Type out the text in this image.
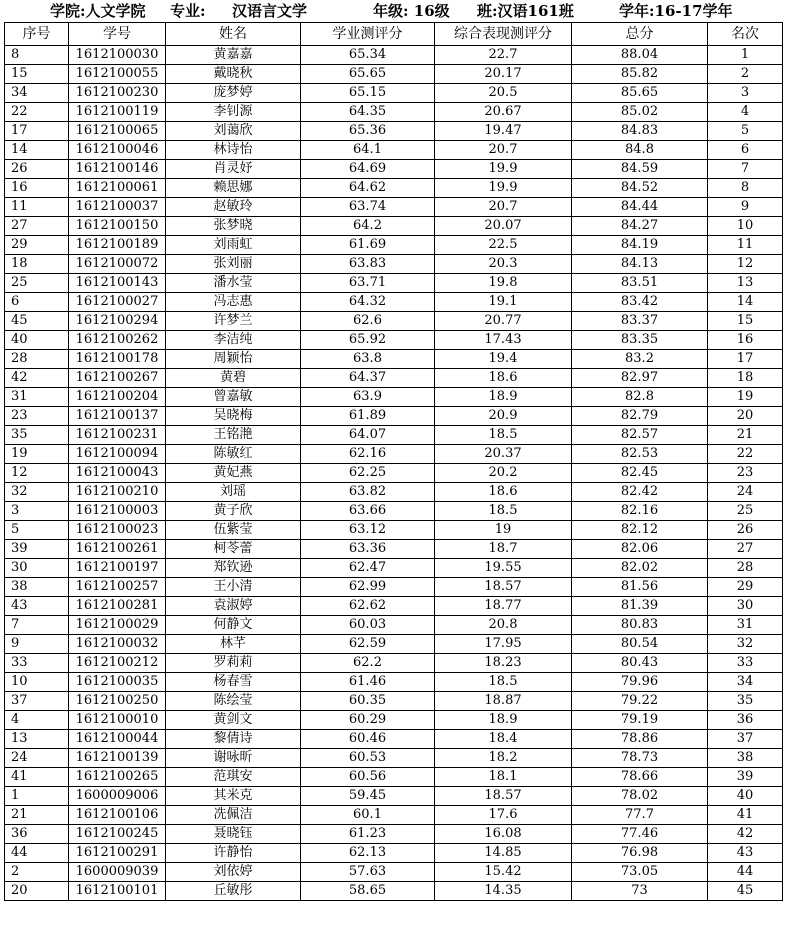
学院:人文学院 专业: 汉语言文学	年级: 16级 班:汉语161班	学年:16-17学年
序号	学号	姓名	学业测评分	综合表现测评分	总分	名次
8	1612100030	黄嘉嘉	65.34	22.7	88.04	1
15	1612100055	戴晓秋	65.65	20.17	85.82	2
34	1612100230	庞梦婷	65.15	20.5	85.65	3
22	1612100119	李钊源	64.35	20.67	85.02	4
17	1612100065	刘蔼欣	65.36	19.47	84.83	5
14	1612100046	林诗怡	64.1	20.7	84.8	6
26	1612100146	肖灵妤	64.69	19.9	84.59	7
16	1612100061	赖思娜	64.62	19.9	84.52	8
11	1612100037	赵敏玲	63.74	20.7	84.44	9
27	1612100150	张梦晓	64.2	20.07	84.27	10
29	1612100189	刘雨虹	61.69	22.5	84.19	11
18	1612100072	张刘丽	63.83	20.3	84.13	12
25	1612100143	潘水莹	63.71	19.8	83.51	13
6	1612100027	冯志惠	64.32	19.1	83.42	14
45	1612100294	许梦兰	62.6	20.77	83.37	15
40	1612100262	李洁纯	65.92	17.43	83.35	16
28	1612100178	周颖怡	63.8	19.4	83.2	17
42	1612100267	黄碧	64.37	18.6	82.97	18
31	1612100204	曾嘉敏	63.9	18.9	82.8	19
23	1612100137	吴晓梅	61.89	20.9	82.79	20
35	1612100231	王铭滟	64.07	18.5	82.57	21
19	1612100094	陈敏红	62.16	20.37	82.53	22
12	1612100043	黄妃燕	62.25	20.2	82.45	23
32	1612100210	刘瑶	63.82	18.6	82.42	24
3	1612100003	黄子欣	63.66	18.5	82.16	25
5	1612100023	伍紫莹	63.12	19	82.12	26
39	1612100261	柯苓蕾	63.36	18.7	82.06	27
30	1612100197	郑钦逊	62.47	19.55	82.02	28
38	1612100257	王小清	62.99	18.57	81.56	29
43	1612100281	袁淑婷	62.62	18.77	81.39	30
7	1612100029	何静文	60.03	20.8	80.83	31
9	1612100032	林芊	62.59	17.95	80.54	32
33	1612100212	罗莉莉	62.2	18.23	80.43	33
10	1612100035	杨春雪	61.46	18.5	79.96	34
37	1612100250	陈绘莹	60.35	18.87	79.22	35
4	1612100010	黄剑文	60.29	18.9	79.19	36
13	1612100044	黎倩诗	60.46	18.4	78.86	37
24	1612100139	谢咏昕	60.53	18.2	78.73	38
41	1612100265	范琪安	60.56	18.1	78.66	39
1	1600009006	其米克	59.45	18.57	78.02	40
21	1612100106	冼佩洁	60.1	17.6	77.7	41
36	1612100245	聂晓钰	61.23	16.08	77.46	42
44	1612100291	许静怡	62.13	14.85	76.98	43
2	1600009039	刘依婷	57.63	15.42	73.05	44
20	1612100101	丘敏彤	58.65	14.35	73	45
